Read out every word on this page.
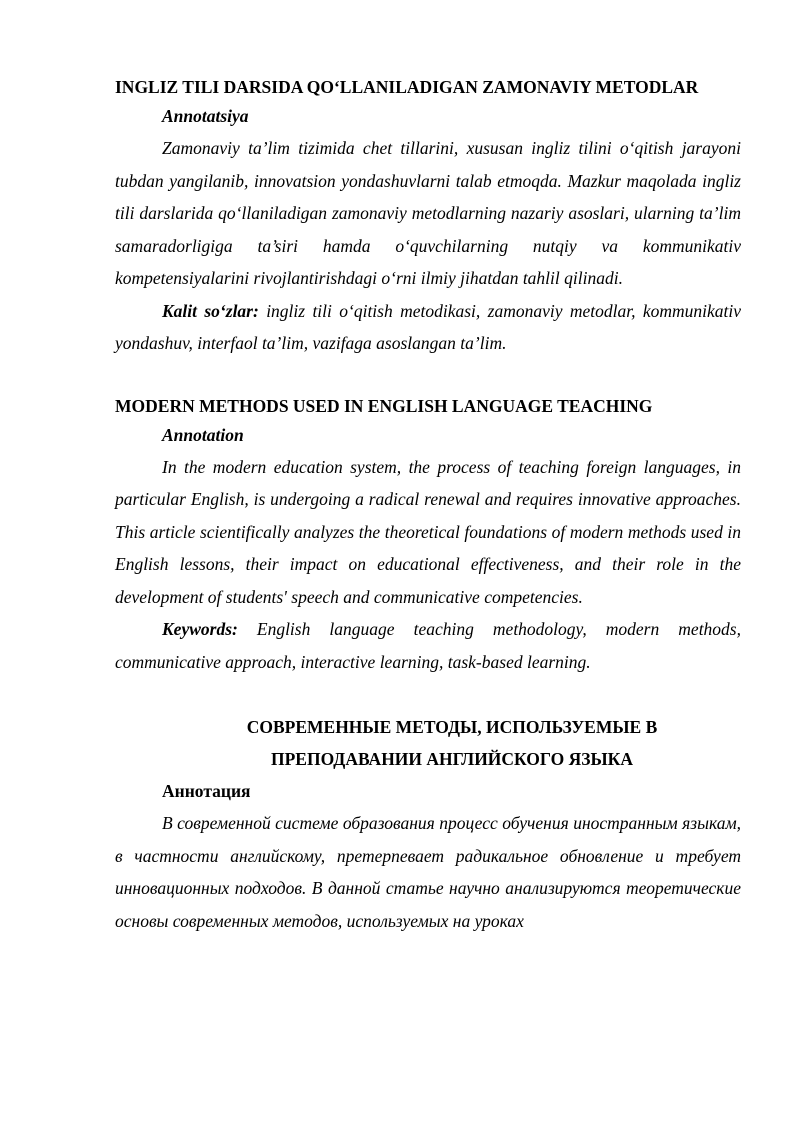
INGLIZ TILI DARSIDA QO‘LLANILADIGAN ZAMONAVIY METODLAR
Annotatsiya

Zamonaviy ta’lim tizimida chet tillarini, xususan ingliz tilini o‘qitish jarayoni tubdan yangilanib, innovatsion yondashuvlarni talab etmoqda. Mazkur maqolada ingliz tili darslarida qo‘llaniladigan zamonaviy metodlarning nazariy asoslari, ularning ta’lim samaradorligiga ta’siri hamda o‘quvchilarning nutqiy va kommunikativ kompetensiyalarini rivojlantirishdagi o‘rni ilmiy jihatdan tahlil qilinadi.

Kalit so‘zlar: ingliz tili o‘qitish metodikasi, zamonaviy metodlar, kommunikativ yondashuv, interfaol ta’lim, vazifaga asoslangan ta’lim.

MODERN METHODS USED IN ENGLISH LANGUAGE TEACHING
Annotation

In the modern education system, the process of teaching foreign languages, in particular English, is undergoing a radical renewal and requires innovative approaches. This article scientifically analyzes the theoretical foundations of modern methods used in English lessons, their impact on educational effectiveness, and their role in the development of students' speech and communicative competencies.

Keywords: English language teaching methodology, modern methods, communicative approach, interactive learning, task-based learning.

СОВРЕМЕННЫЕ МЕТОДЫ, ИСПОЛЬЗУЕМЫЕ В
ПРЕПОДАВАНИИ АНГЛИЙСКОГО ЯЗЫКА
Аннотация

В современной системе образования процесс обучения иностранным языкам, в частности английскому, претерпевает радикальное обновление и требует инновационных подходов. В данной статье научно анализируются теоретические основы современных методов, используемых на уроках
